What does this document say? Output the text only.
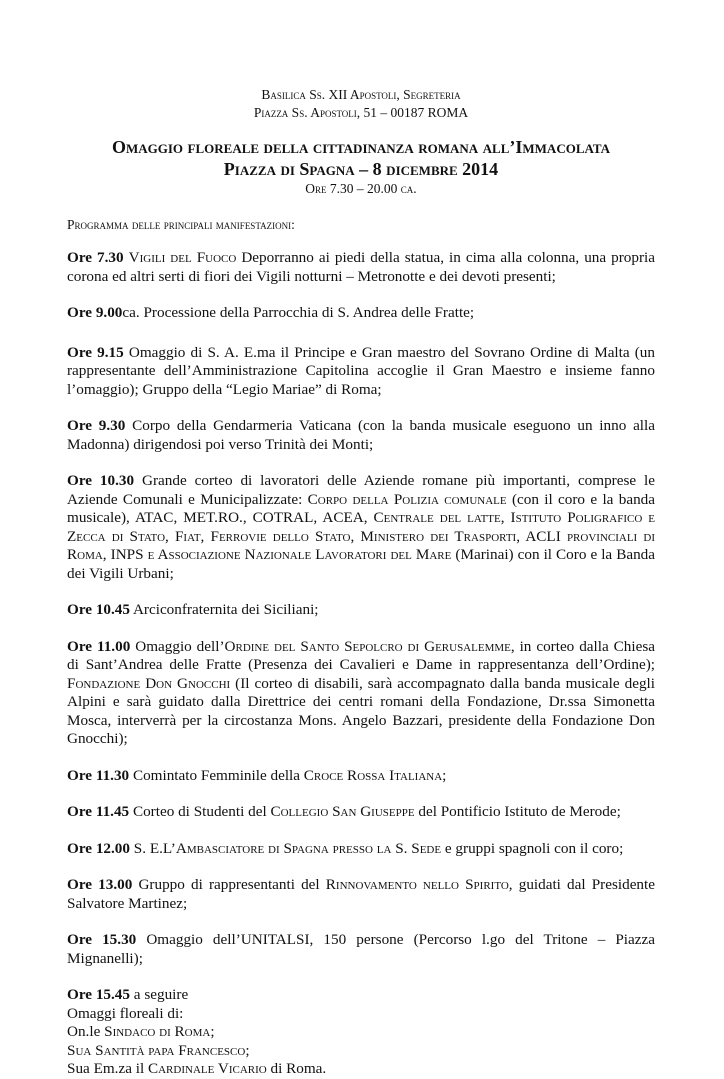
Basilica Ss. XII Apostoli, Segreteria
Piazza Ss. Apostoli, 51 – 00187 ROMA
Omaggio floreale della cittadinanza romana all’Immacolata
Piazza di Spagna – 8 dicembre 2014
Ore 7.30 – 20.00 ca.
Programma delle principali manifestazioni:

Ore 7.30 Vigili del Fuoco Deporranno ai piedi della statua, in cima alla colonna, una propria corona ed altri serti di fiori dei Vigili notturni – Metronotte e dei devoti presenti;

Ore 9.00ca. Processione della Parrocchia di S. Andrea delle Fratte;

Ore 9.15 Omaggio di S. A. E.ma il Principe e Gran maestro del Sovrano Ordine di Malta (un rappresentante dell’Amministrazione Capitolina accoglie il Gran Maestro e insieme fanno l’omaggio); Gruppo della “Legio Mariae” di Roma;

Ore 9.30 Corpo della Gendarmeria Vaticana (con la banda musicale eseguono un inno alla Madonna) dirigendosi poi verso Trinità dei Monti;

Ore 10.30 Grande corteo di lavoratori delle Aziende romane più importanti, comprese le Aziende Comunali e Municipalizzate: Corpo della Polizia comunale (con il coro e la banda musicale), ATAC, MET.RO., COTRAL, ACEA, Centrale del latte, Istituto Poligrafico e Zecca di Stato, Fiat, Ferrovie dello Stato, Ministero dei Trasporti, ACLI provinciali di Roma, INPS e Associazione Nazionale Lavoratori del Mare (Marinai) con il Coro e la Banda dei Vigili Urbani;

Ore 10.45 Arciconfraternita dei Siciliani;

Ore 11.00 Omaggio dell’Ordine del Santo Sepolcro di Gerusalemme, in corteo dalla Chiesa di Sant’Andrea delle Fratte (Presenza dei Cavalieri e Dame in rappresentanza dell’Ordine); Fondazione Don Gnocchi (Il corteo di disabili, sarà accompagnato dalla banda musicale degli Alpini e sarà guidato dalla Direttrice dei centri romani della Fondazione, Dr.ssa Simonetta Mosca, interverrà per la circostanza Mons. Angelo Bazzari, presidente della Fondazione Don Gnocchi);

Ore 11.30 Comintato Femminile della Croce Rossa Italiana;

Ore 11.45 Corteo di Studenti del Collegio San Giuseppe del Pontificio Istituto de Merode;

Ore 12.00 S. E.L’Ambasciatore di Spagna presso la S. Sede e gruppi spagnoli con il coro;

Ore 13.00 Gruppo di rappresentanti del Rinnovamento nello Spirito, guidati dal Presidente Salvatore Martinez;

Ore 15.30 Omaggio dell’UNITALSI, 150 persone (Percorso l.go del Tritone – Piazza Mignanelli);

Ore 15.45 a seguire
Omaggi floreali di:
On.le Sindaco di Roma;
Sua Santità papa Francesco;
Sua Em.za il Cardinale Vicario di Roma.
